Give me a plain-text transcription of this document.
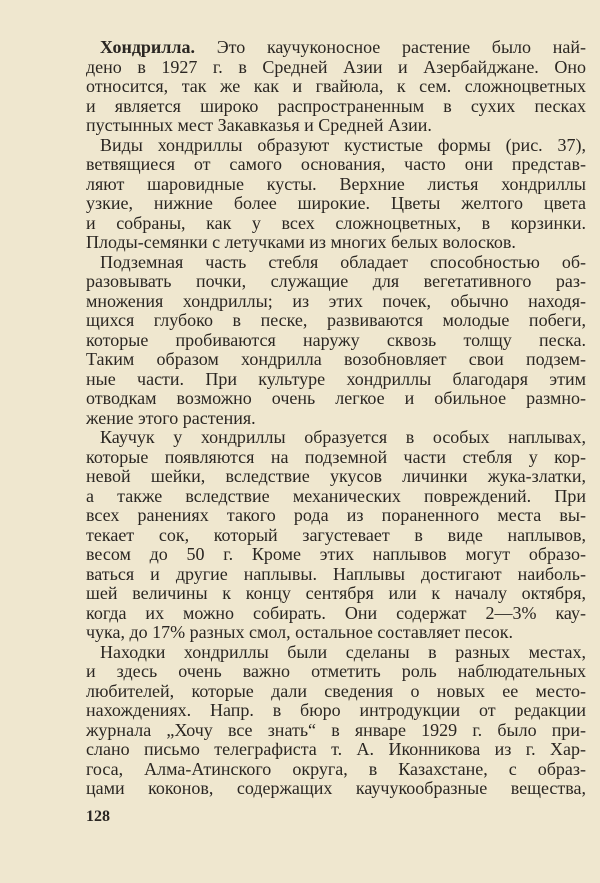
Хондрилла. Это каучуконосное растение было най-
дено в 1927 г. в Средней Азии и Азербайджане. Оно
относится, так же как и гвайюла, к сем. сложноцветных
и является широко распространенным в сухих песках
пустынных мест Закавказья и Средней Азии.
Виды хондриллы образуют кустистые формы (рис. 37),
ветвящиеся от самого основания, часто они представ-
ляют шаровидные кусты. Верхние листья хондриллы
узкие, нижние более широкие. Цветы желтого цвета
и собраны, как у всех сложноцветных, в корзинки.
Плоды-семянки с летучками из многих белых волосков.
Подземная часть стебля обладает способностью об-
разовывать почки, служащие для вегетативного раз-
множения хондриллы; из этих почек, обычно находя-
щихся глубоко в песке, развиваются молодые побеги,
которые пробиваются наружу сквозь толщу песка.
Таким образом хондрилла возобновляет свои подзем-
ные части. При культуре хондриллы благодаря этим
отводкам возможно очень легкое и обильное размно-
жение этого растения.
Каучук у хондриллы образуется в особых наплывах,
которые появляются на подземной части стебля у кор-
невой шейки, вследствие укусов личинки жука-златки,
а также вследствие механических повреждений. При
всех ранениях такого рода из пораненного места вы-
текает сок, который загустевает в виде наплывов,
весом до 50 г. Кроме этих наплывов могут образо-
ваться и другие наплывы. Наплывы достигают наиболь-
шей величины к концу сентября или к началу октября,
когда их можно собирать. Они содержат 2—3% кау-
чука, до 17% разных смол, остальное составляет песок.
Находки хондриллы были сделаны в разных местах,
и здесь очень важно отметить роль наблюдательных
любителей, которые дали сведения о новых ее место-
нахождениях. Напр. в бюро интродукции от редакции
журнала „Хочу все знать“ в январе 1929 г. было при-
слано письмо телеграфиста т. А. Иконникова из г. Хар-
госа, Алма-Атинского округа, в Казахстане, с образ-
цами коконов, содержащих каучукообразные вещества,
128
